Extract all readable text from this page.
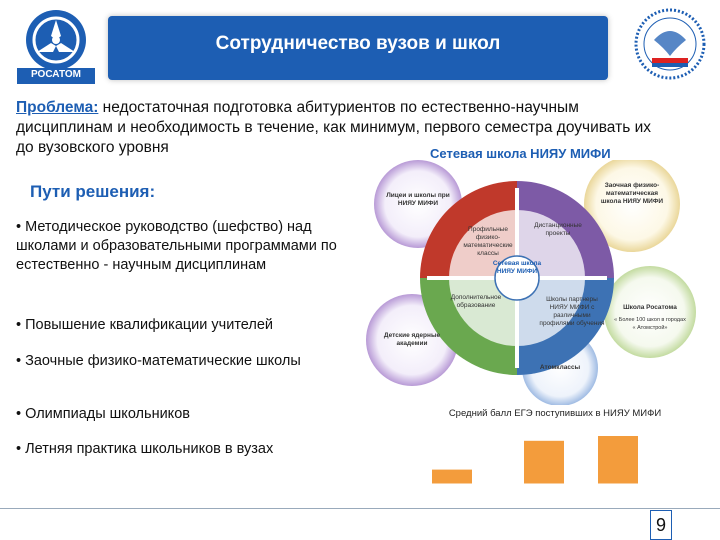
РОСАТОМ
Сотрудничество вузов и школ
Проблема: недостаточная подготовка абитуриентов по естественно-научным дисциплинам и необходимость в течение, как минимум, первого семестра доучивать их до вузовского уровня	Сетевая школа НИЯУ МИФИ
Пути решения:
• Методическое руководство (шефство) над школами и образовательными программами по естественно - научным дисциплинам
• Повышение квалификации учителей
• Заочные физико-математические школы
• Олимпиады школьников
• Летняя практика школьников в вузах
Сетевая школа НИЯУ МИФИ
Лицеи и школы при НИЯУ МИФИ
Заочная физико-математическая школа НИЯУ МИФИ
Детские ядерные академии
Школа Росатома
« Более 100 школ в городах « Атомстрой»
Атомклассы
Профильные физико-математические классы
Дистанционные проекты
Дополнительное образование
Школы партнеры НИЯУ МИФИ с различными профилями обучения
Средний балл ЕГЭ поступивших в НИЯУ МИФИ
9
